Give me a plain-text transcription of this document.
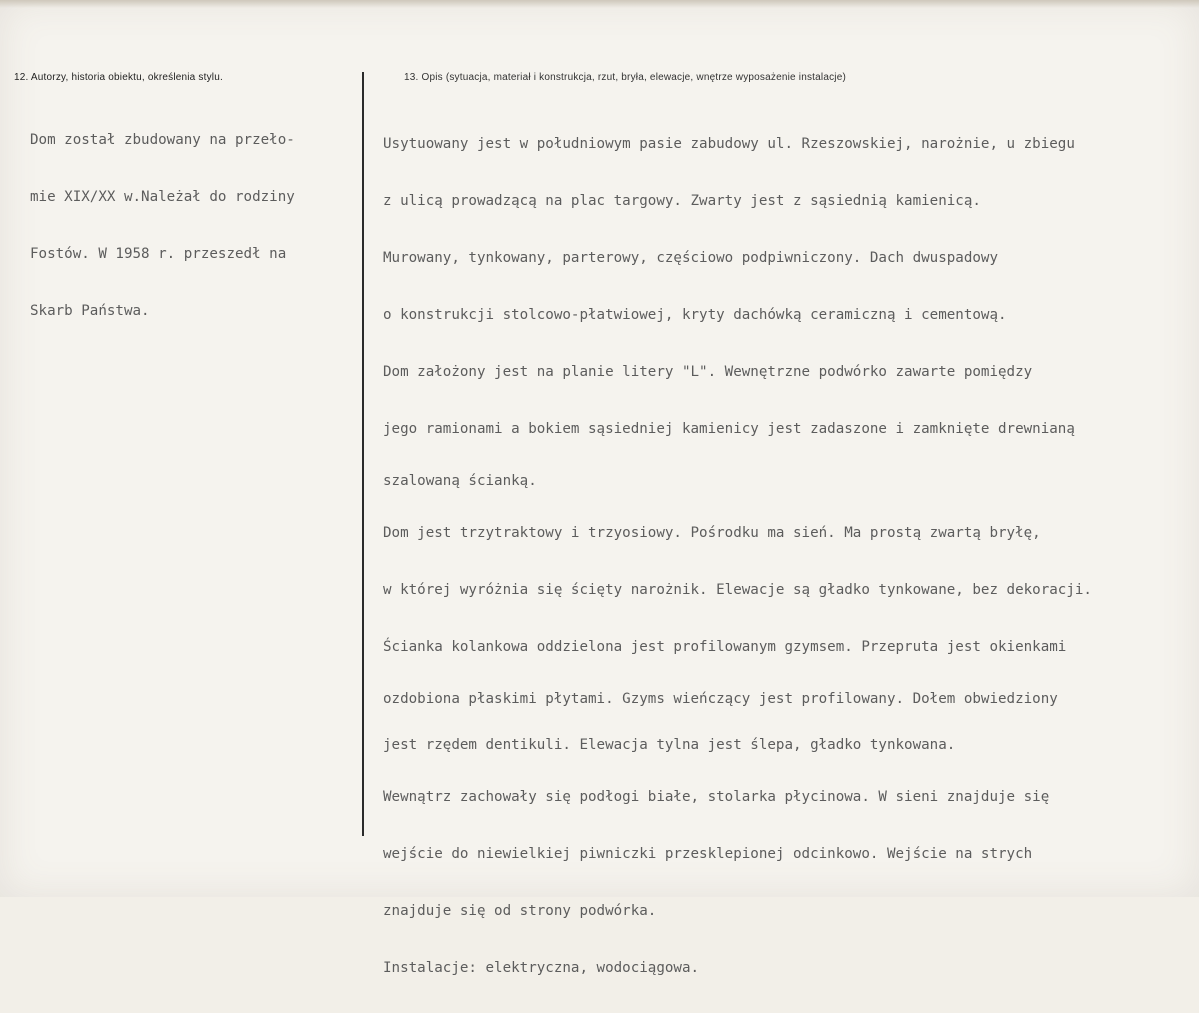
12. Autorzy, historia obiektu, określenia stylu.	13. Opis (sytuacja, materiał i konstrukcja, rzut, bryła, elewacje, wnętrze wyposażenie instalacje)

Dom został zbudowany na przeło-

mie XIX/XX w.Należał do rodziny

Fostów. W 1958 r. przeszedł na

Skarb Państwa.

Usytuowany jest w południowym pasie zabudowy ul. Rzeszowskiej, narożnie, u zbiegu

z ulicą prowadzącą na plac targowy. Zwarty jest z sąsiednią kamienicą.

Murowany, tynkowany, parterowy, częściowo podpiwniczony. Dach dwuspadowy

o konstrukcji stolcowo-płatwiowej, kryty dachówką ceramiczną i cementową.

Dom założony jest na planie litery "L". Wewnętrzne podwórko zawarte pomiędzy

jego ramionami a bokiem sąsiedniej kamienicy jest zadaszone i zamknięte drewnianą

szalowaną ścianką.

Dom jest trzytraktowy i trzyosiowy. Pośrodku ma sień. Ma prostą zwartą bryłę,

w której wyróżnia się ścięty narożnik. Elewacje są gładko tynkowane, bez dekoracji.

Ścianka kolankowa oddzielona jest profilowanym gzymsem. Przepruta jest okienkami

ozdobiona płaskimi płytami. Gzyms wieńczący jest profilowany. Dołem obwiedziony

jest rzędem dentikuli. Elewacja tylna jest ślepa, gładko tynkowana.

Wewnątrz zachowały się podłogi białe, stolarka płycinowa. W sieni znajduje się

wejście do niewielkiej piwniczki przesklepionej odcinkowo. Wejście na strych

znajduje się od strony podwórka.

Instalacje: elektryczna, wodociągowa.
